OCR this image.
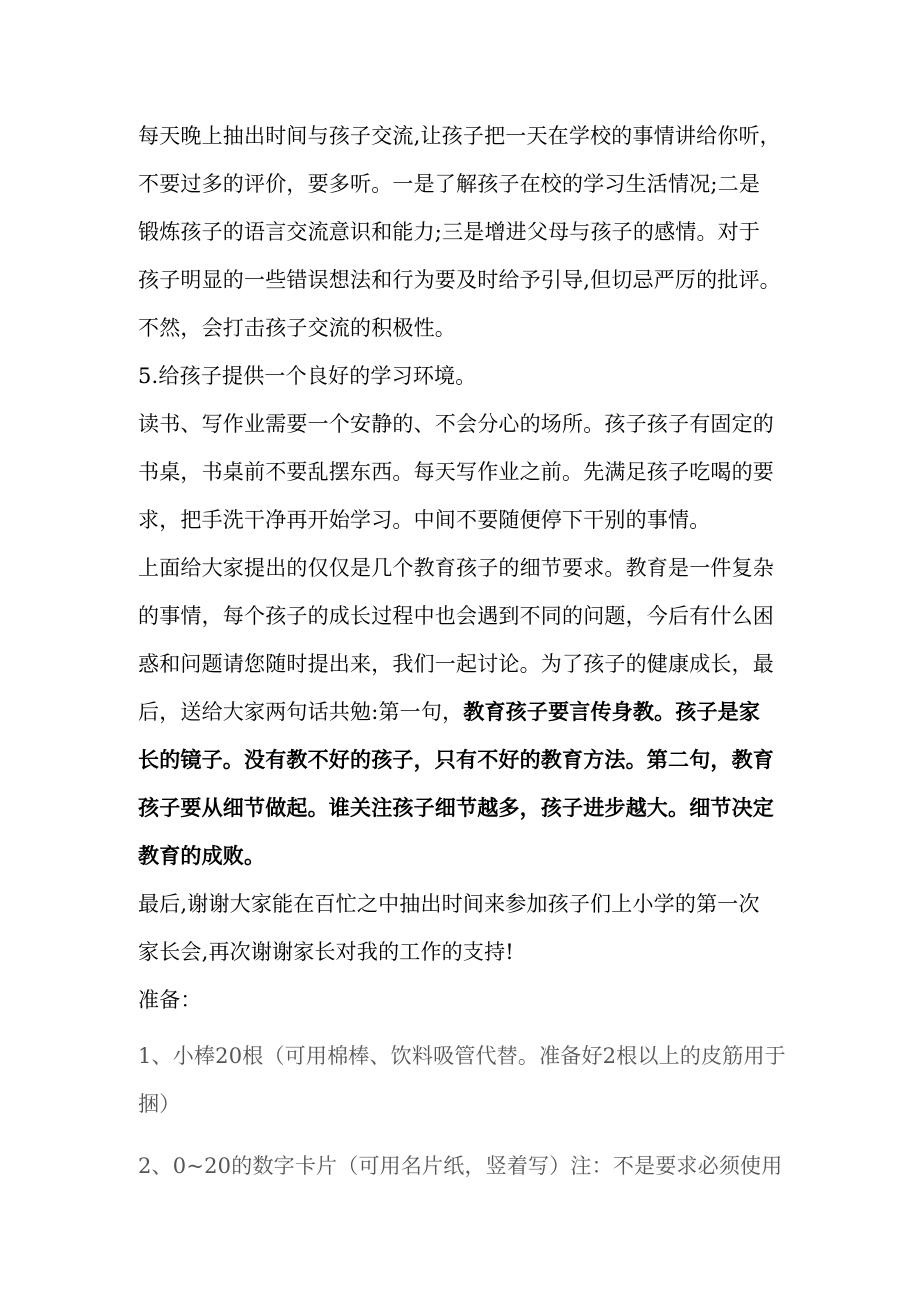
每天晚上抽出时间与孩子交流,让孩子把一天在学校的事情讲给你听，
不要过多的评价，要多听。一是了解孩子在校的学习生活情况;二是
锻炼孩子的语言交流意识和能力;三是增进父母与孩子的感情。对于
孩子明显的一些错误想法和行为要及时给予引导,但切忌严厉的批评。
不然，会打击孩子交流的积极性。
5.给孩子提供一个良好的学习环境。
读书、写作业需要一个安静的、不会分心的场所。孩子孩子有固定的
书桌，书桌前不要乱摆东西。每天写作业之前。先满足孩子吃喝的要
求，把手洗干净再开始学习。中间不要随便停下干别的事情。
上面给大家提出的仅仅是几个教育孩子的细节要求。教育是一件复杂
的事情，每个孩子的成长过程中也会遇到不同的问题，今后有什么困
惑和问题请您随时提出来，我们一起讨论。为了孩子的健康成长，最
后，送给大家两句话共勉:第一句，教育孩子要言传身教。孩子是家
长的镜子。没有教不好的孩子，只有不好的教育方法。第二句，教育
孩子要从细节做起。谁关注孩子细节越多，孩子进步越大。细节决定
教育的成败。
最后,谢谢大家能在百忙之中抽出时间来参加孩子们上小学的第一次
家长会,再次谢谢家长对我的工作的支持!
准备：
1、小棒20根（可用棉棒、饮料吸管代替。准备好2根以上的皮筋用于
捆）
2、0~20的数字卡片（可用名片纸，竖着写）注：不是要求必须使用
